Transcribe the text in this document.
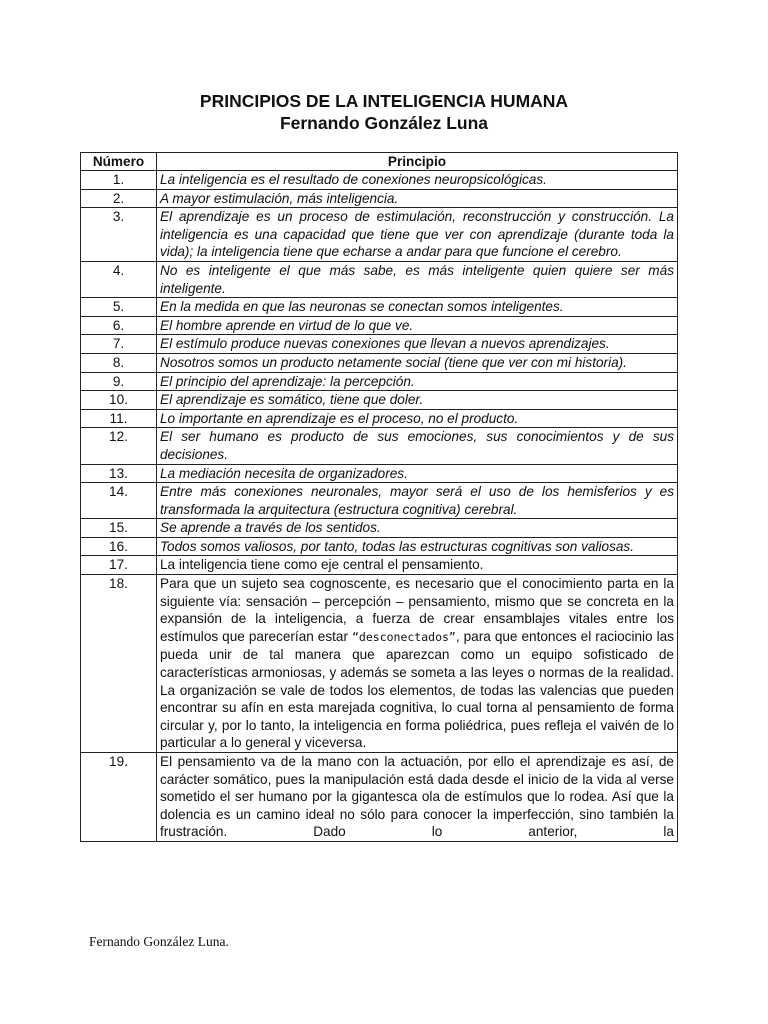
PRINCIPIOS DE LA INTELIGENCIA HUMANA
Fernando González Luna
Número	Principio
1.	La inteligencia es el resultado de conexiones neuropsicológicas.
2.	A mayor estimulación, más inteligencia.
3.	El aprendizaje es un proceso de estimulación, reconstrucción y construcción. La inteligencia es una capacidad que tiene que ver con aprendizaje (durante toda la vida); la inteligencia tiene que echarse a andar para que funcione el cerebro.
4.	No es inteligente el que más sabe, es más inteligente quien quiere ser más inteligente.
5.	En la medida en que las neuronas se conectan somos inteligentes.
6.	El hombre aprende en virtud de lo que ve.
7.	El estímulo produce nuevas conexiones que llevan a nuevos aprendizajes.
8.	Nosotros somos un producto netamente social (tiene que ver con mi historia).
9.	El principio del aprendizaje: la percepción.
10.	El aprendizaje es somático, tiene que doler.
11.	Lo importante en aprendizaje es el proceso, no el producto.
12.	El ser humano es producto de sus emociones, sus conocimientos y de sus decisiones.
13.	La mediación necesita de organizadores.
14.	Entre más conexiones neuronales, mayor será el uso de los hemisferios y es transformada la arquitectura (estructura cognitiva) cerebral.
15.	Se aprende a través de los sentidos.
16.	Todos somos valiosos, por tanto, todas las estructuras cognitivas son valiosas.
17.	La inteligencia tiene como eje central el pensamiento.
18.	Para que un sujeto sea cognoscente, es necesario que el conocimiento parta en la siguiente vía: sensación – percepción – pensamiento, mismo que se concreta en la expansión de la inteligencia, a fuerza de crear ensamblajes vitales entre los estímulos que parecerían estar “desconectados”, para que entonces el raciocinio las pueda unir de tal manera que aparezcan como un equipo sofisticado de características armoniosas, y además se someta a las leyes o normas de la realidad. La organización se vale de todos los elementos, de todas las valencias que pueden encontrar su afín en esta marejada cognitiva, lo cual torna al pensamiento de forma circular y, por lo tanto, la inteligencia en forma poliédrica, pues refleja el vaivén de lo particular a lo general y viceversa.
19.	El pensamiento va de la mano con la actuación, por ello el aprendizaje es así, de carácter somático, pues la manipulación está dada desde el inicio de la vida al verse sometido el ser humano por la gigantesca ola de estímulos que lo rodea. Así que la dolencia es un camino ideal no sólo para conocer la imperfección, sino también la frustración. Dado lo anterior, la
Fernando González Luna.
